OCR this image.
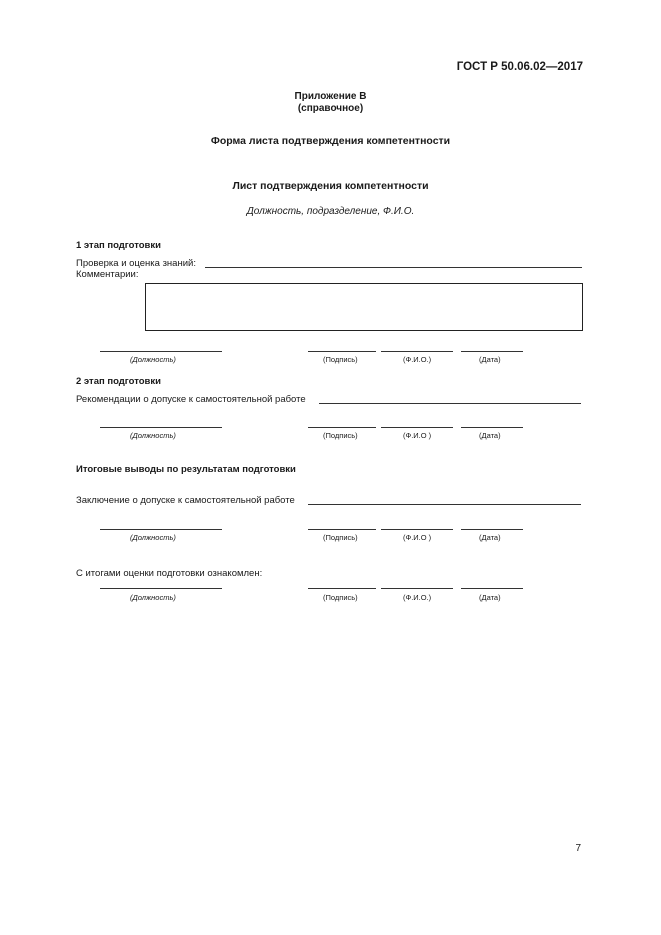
ГОСТ Р 50.06.02—2017
Приложение В
(справочное)
Форма листа подтверждения компетентности
Лист подтверждения компетентности
Должность, подразделение, Ф.И.О.
1 этап подготовки
Проверка и оценка знаний:
Комментарии:
(Должность)	(Подпись)	(Ф.И.О.)	(Дата)
2 этап подготовки
Рекомендации о допуске к самостоятельной работе
(Должность)	(Подпись)	(Ф.И.О )	(Дата)
Итоговые выводы по результатам подготовки
Заключение о допуске к самостоятельной работе
(Должность)	(Подпись)	(Ф.И.О )	(Дата)
С итогами оценки подготовки ознакомлен:
(Должность)	(Подпись)	(Ф.И.О.)	(Дата)
7
